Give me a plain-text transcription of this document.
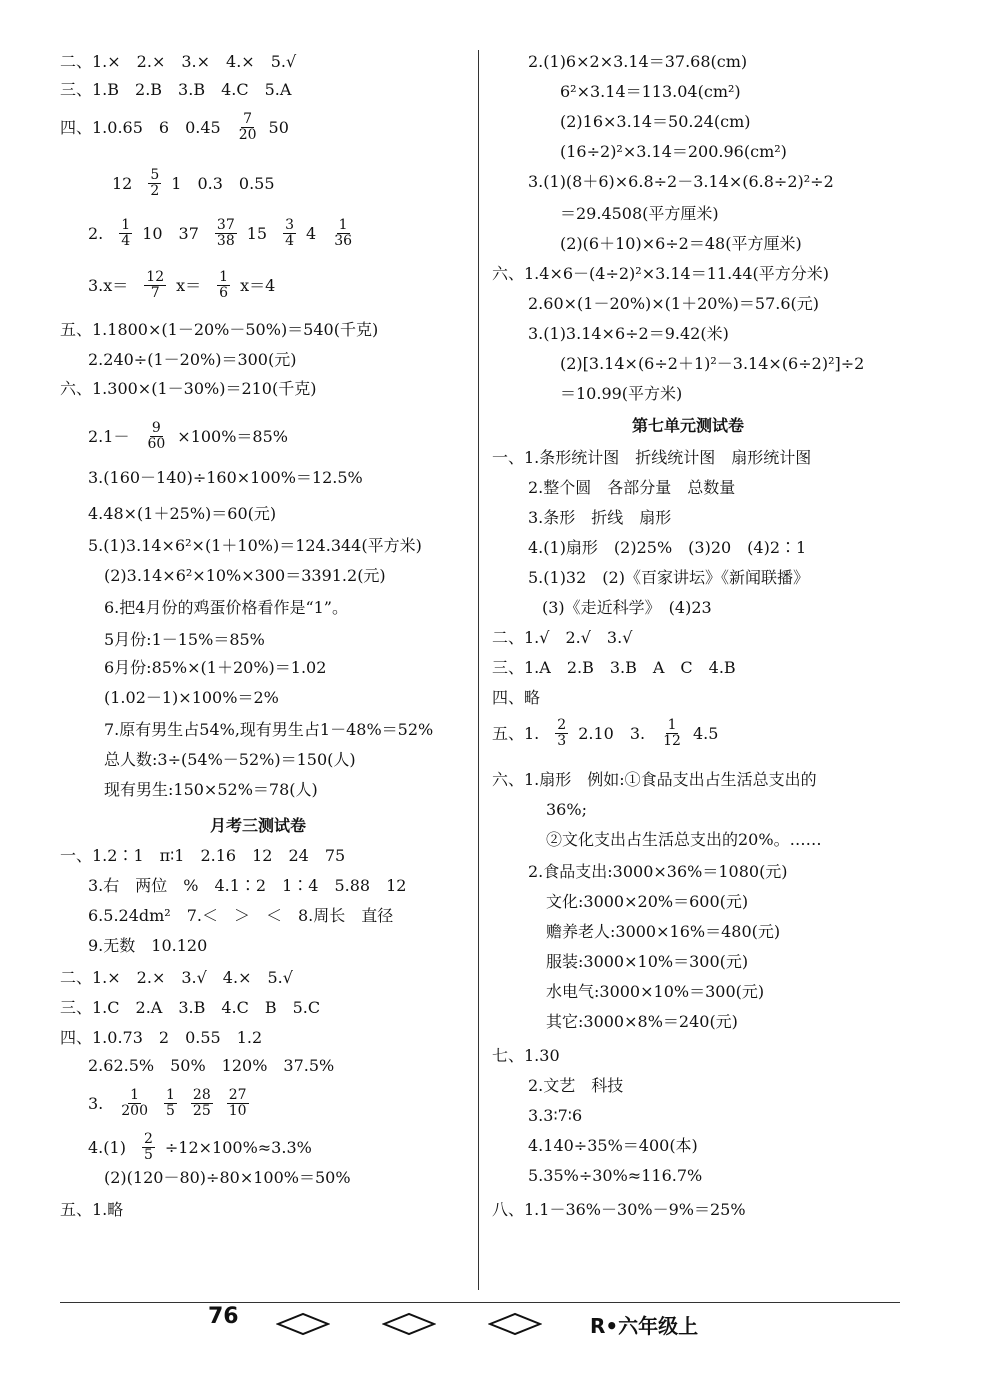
二、1.×　2.×　3.×　4.×　5.√
三、1.B　2.B　3.B　4.C　5.A
四、1.0.65　6　$0.45 \frac{7}{20} 50$
$12 \frac{5}{2} 1$　0.3　0.55
2. $\frac{1}{4} 10$　$37 \frac{37}{38} 15 \frac{3}{4} 4 \frac{1}{36}$
$3.x= \frac{12}{7} x= \frac{1}{6} x=4$
五、1.1800×(1－20%－50%)＝540(千克)
2.240÷(1－20%)＝300(元)
六、1.300×(1－30%)＝210(千克)
$2.1- \frac{9}{60} \times 100\%=85\%$
3.(160－140)÷160×100%＝12.5%
4.48×(1＋25%)＝60(元)
5.(1)3.14×6²×(1＋10%)＝124.344(平方米)
(2)3.14×6²×10%×300＝3391.2(元)
6.把4月份的鸡蛋价格看作是“1”。
5月份:1－15%＝85%
6月份:85%×(1＋20%)＝1.02
(1.02－1)×100%＝2%
7.原有男生占54%,现有男生占1－48%＝52%
总人数:3÷(54%－52%)＝150(人)
现有男生:150×52%＝78(人)
月考三测试卷
一、1.2∶1　π∶1　2.16　12　24　75
3.右　两位　%　4.1∶2　1∶4　5.88　12
6.5.24dm²　7.＜　＞　＜　8.周长　直径
9.无数　10.120
二、1.×　2.×　3.√　4.×　5.√
三、1.C　2.A　3.B　4.C　B　5.C
四、1.0.73　2　0.55　1.2
2.62.5%　50%　120%　37.5%
3. $\frac{1}{200} \frac{1}{5} \frac{28}{25} \frac{27}{10}$
$4.(1) \frac{2}{5} \div 12\times 100\%\approx 3.3\%$
(2)(120－80)÷80×100%＝50%
五、1.略
2.(1)6×2×3.14＝37.68(cm)
6²×3.14＝113.04(cm²)
(2)16×3.14＝50.24(cm)
(16÷2)²×3.14＝200.96(cm²)
3.(1)(8＋6)×6.8÷2－3.14×(6.8÷2)²÷2
＝29.4508(平方厘米)
(2)(6＋10)×6÷2＝48(平方厘米)
六、1.4×6－(4÷2)²×3.14＝11.44(平方分米)
2.60×(1－20%)×(1＋20%)＝57.6(元)
3.(1)3.14×6÷2＝9.42(米)
(2)[3.14×(6÷2＋1)²－3.14×(6÷2)²]÷2
＝10.99(平方米)
第七单元测试卷
一、1.条形统计图　折线统计图　扇形统计图
2.整个圆　各部分量　总数量
3.条形　折线　扇形
4.(1)扇形　(2)25%　(3)20　(4)2∶1
5.(1)32　(2)《百家讲坛》《新闻联播》
(3)《走近科学》　(4)23
二、1.√　2.√　3.√
三、1.A　2.B　3.B　A　C　4.B
四、略
五、1. $\frac{2}{3} 2.10$　3. $\frac{1}{12} 4.5$
六、1.扇形　例如:①食品支出占生活总支出的
36%;
②文化支出占生活总支出的20%。……
2.食品支出:3000×36%＝1080(元)
文化:3000×20%＝600(元)
赡养老人:3000×16%＝480(元)
服装:3000×10%＝300(元)
水电气:3000×10%＝300(元)
其它:3000×8%＝240(元)
七、1.30
2.文艺　科技
3.3∶7∶6
4.140÷35%＝400(本)
5.35%÷30%≈116.7%
八、1.1－36%－30%－9%＝25%
76	R•六年级上
